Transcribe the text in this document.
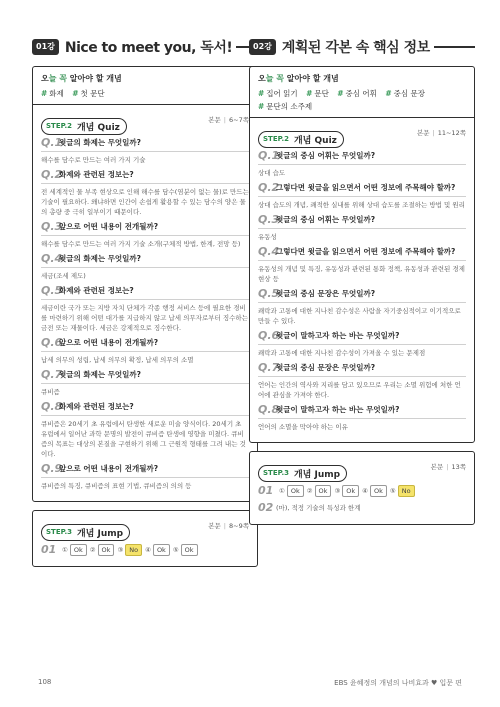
01강 Nice to meet you, 독서!
오늘 꼭 알아야 할 개념
# 화제 # 첫 문단
STEP.2 개념 Quiz
본문 | 6~7쪽
Q.1
윗글의 화제는 무엇일까?
해수를 담수로 만드는 여러 가지 기술
Q.2
화제와 관련된 정보는?
전 세계적인 물 부족 현상으로 인해 해수를 담수(염분이 없는 물)로 만드는 기술이 필요하다. 왜냐하면 인간이 손쉽게 활용할 수 있는 담수의 양은 물의 총량 중 극히 일부이기 때문이다.
Q.3
앞으로 어떤 내용이 전개될까?
해수를 담수로 만드는 여러 가지 기술 소개(구체적 방법, 한계, 전망 등)
Q.4
윗글의 화제는 무엇일까?
세금(조세 제도)
Q.5
화제와 관련된 정보는?
세금이란 국가 또는 지방 자치 단체가 각종 행정 서비스 등에 필요한 경비를 마련하기 위해 어떤 대가를 지급하지 않고 납세 의무자로부터 징수하는 금전 또는 재물이다. 세금은 강제적으로 징수한다.
Q.6
앞으로 어떤 내용이 전개될까?
납세 의무의 성립, 납세 의무의 확정, 납세 의무의 소멸
Q.7
윗글의 화제는 무엇일까?
큐비즘
Q.8
화제와 관련된 정보는?
큐비즘은 20세기 초 유럽에서 탄생한 새로운 미술 양식이다. 20세기 초 유럽에서 일어난 과학 문명의 발전이 큐비즘 탄생에 영향을 미쳤다. 큐비즘의 목표는 대상의 본질을 구현하기 위해 그 근원적 형태를 그려 내는 것이다.
Q.9
앞으로 어떤 내용이 전개될까?
큐비즘의 특징, 큐비즘의 표현 기법, 큐비즘의 의의 등
STEP.3 개념 Jump
본문 | 8~9쪽
01 ① Ok	② Ok	③ No	④ Ok	⑤ Ok
02강 계획된 각본 속 핵심 정보
오늘 꼭 알아야 할 개념
# 집어 읽기 # 문단 # 중심 어휘 # 중심 문장 # 문단의 소주제
STEP.2 개념 Quiz
본문 | 11~12쪽
Q.1
윗글의 중심 어휘는 무엇일까?
상대 습도
Q.2
그렇다면 윗글을 읽으면서 어떤 정보에 주목해야 할까?
상대 습도의 개념, 쾌적한 실내를 위해 상대 습도를 조절하는 방법 및 원리
Q.3
윗글의 중심 어휘는 무엇일까?
유동성
Q.4
그렇다면 윗글을 읽으면서 어떤 정보에 주목해야 할까?
유동성의 개념 및 특징, 유동성과 관련된 통화 정책, 유동성과 관련된 경제 현상 등
Q.5
윗글의 중심 문장은 무엇일까?
쾌락과 고통에 대한 지나친 감수성은 사람을 자기중심적이고 이기적으로 만들 수 있다.
Q.6
윗글이 말하고자 하는 바는 무엇일까?
쾌락과 고통에 대한 지나친 감수성이 가져올 수 있는 문제점
Q.7
윗글의 중심 문장은 무엇일까?
언어는 인간의 역사와 지리를 담고 있으므로 우리는 소멸 위험에 처한 언어에 관심을 가져야 한다.
Q.8
윗글이 말하고자 하는 바는 무엇일까?
언어의 소멸을 막아야 하는 이유
STEP.3 개념 Jump
본문 | 13쪽
01 ① Ok	② Ok	③ Ok	④ Ok	⑤ No
02 (마), 적정 기술의 특성과 한계
108	EBS 윤혜정의 개념의 나비효과 ♥ 입문 편
